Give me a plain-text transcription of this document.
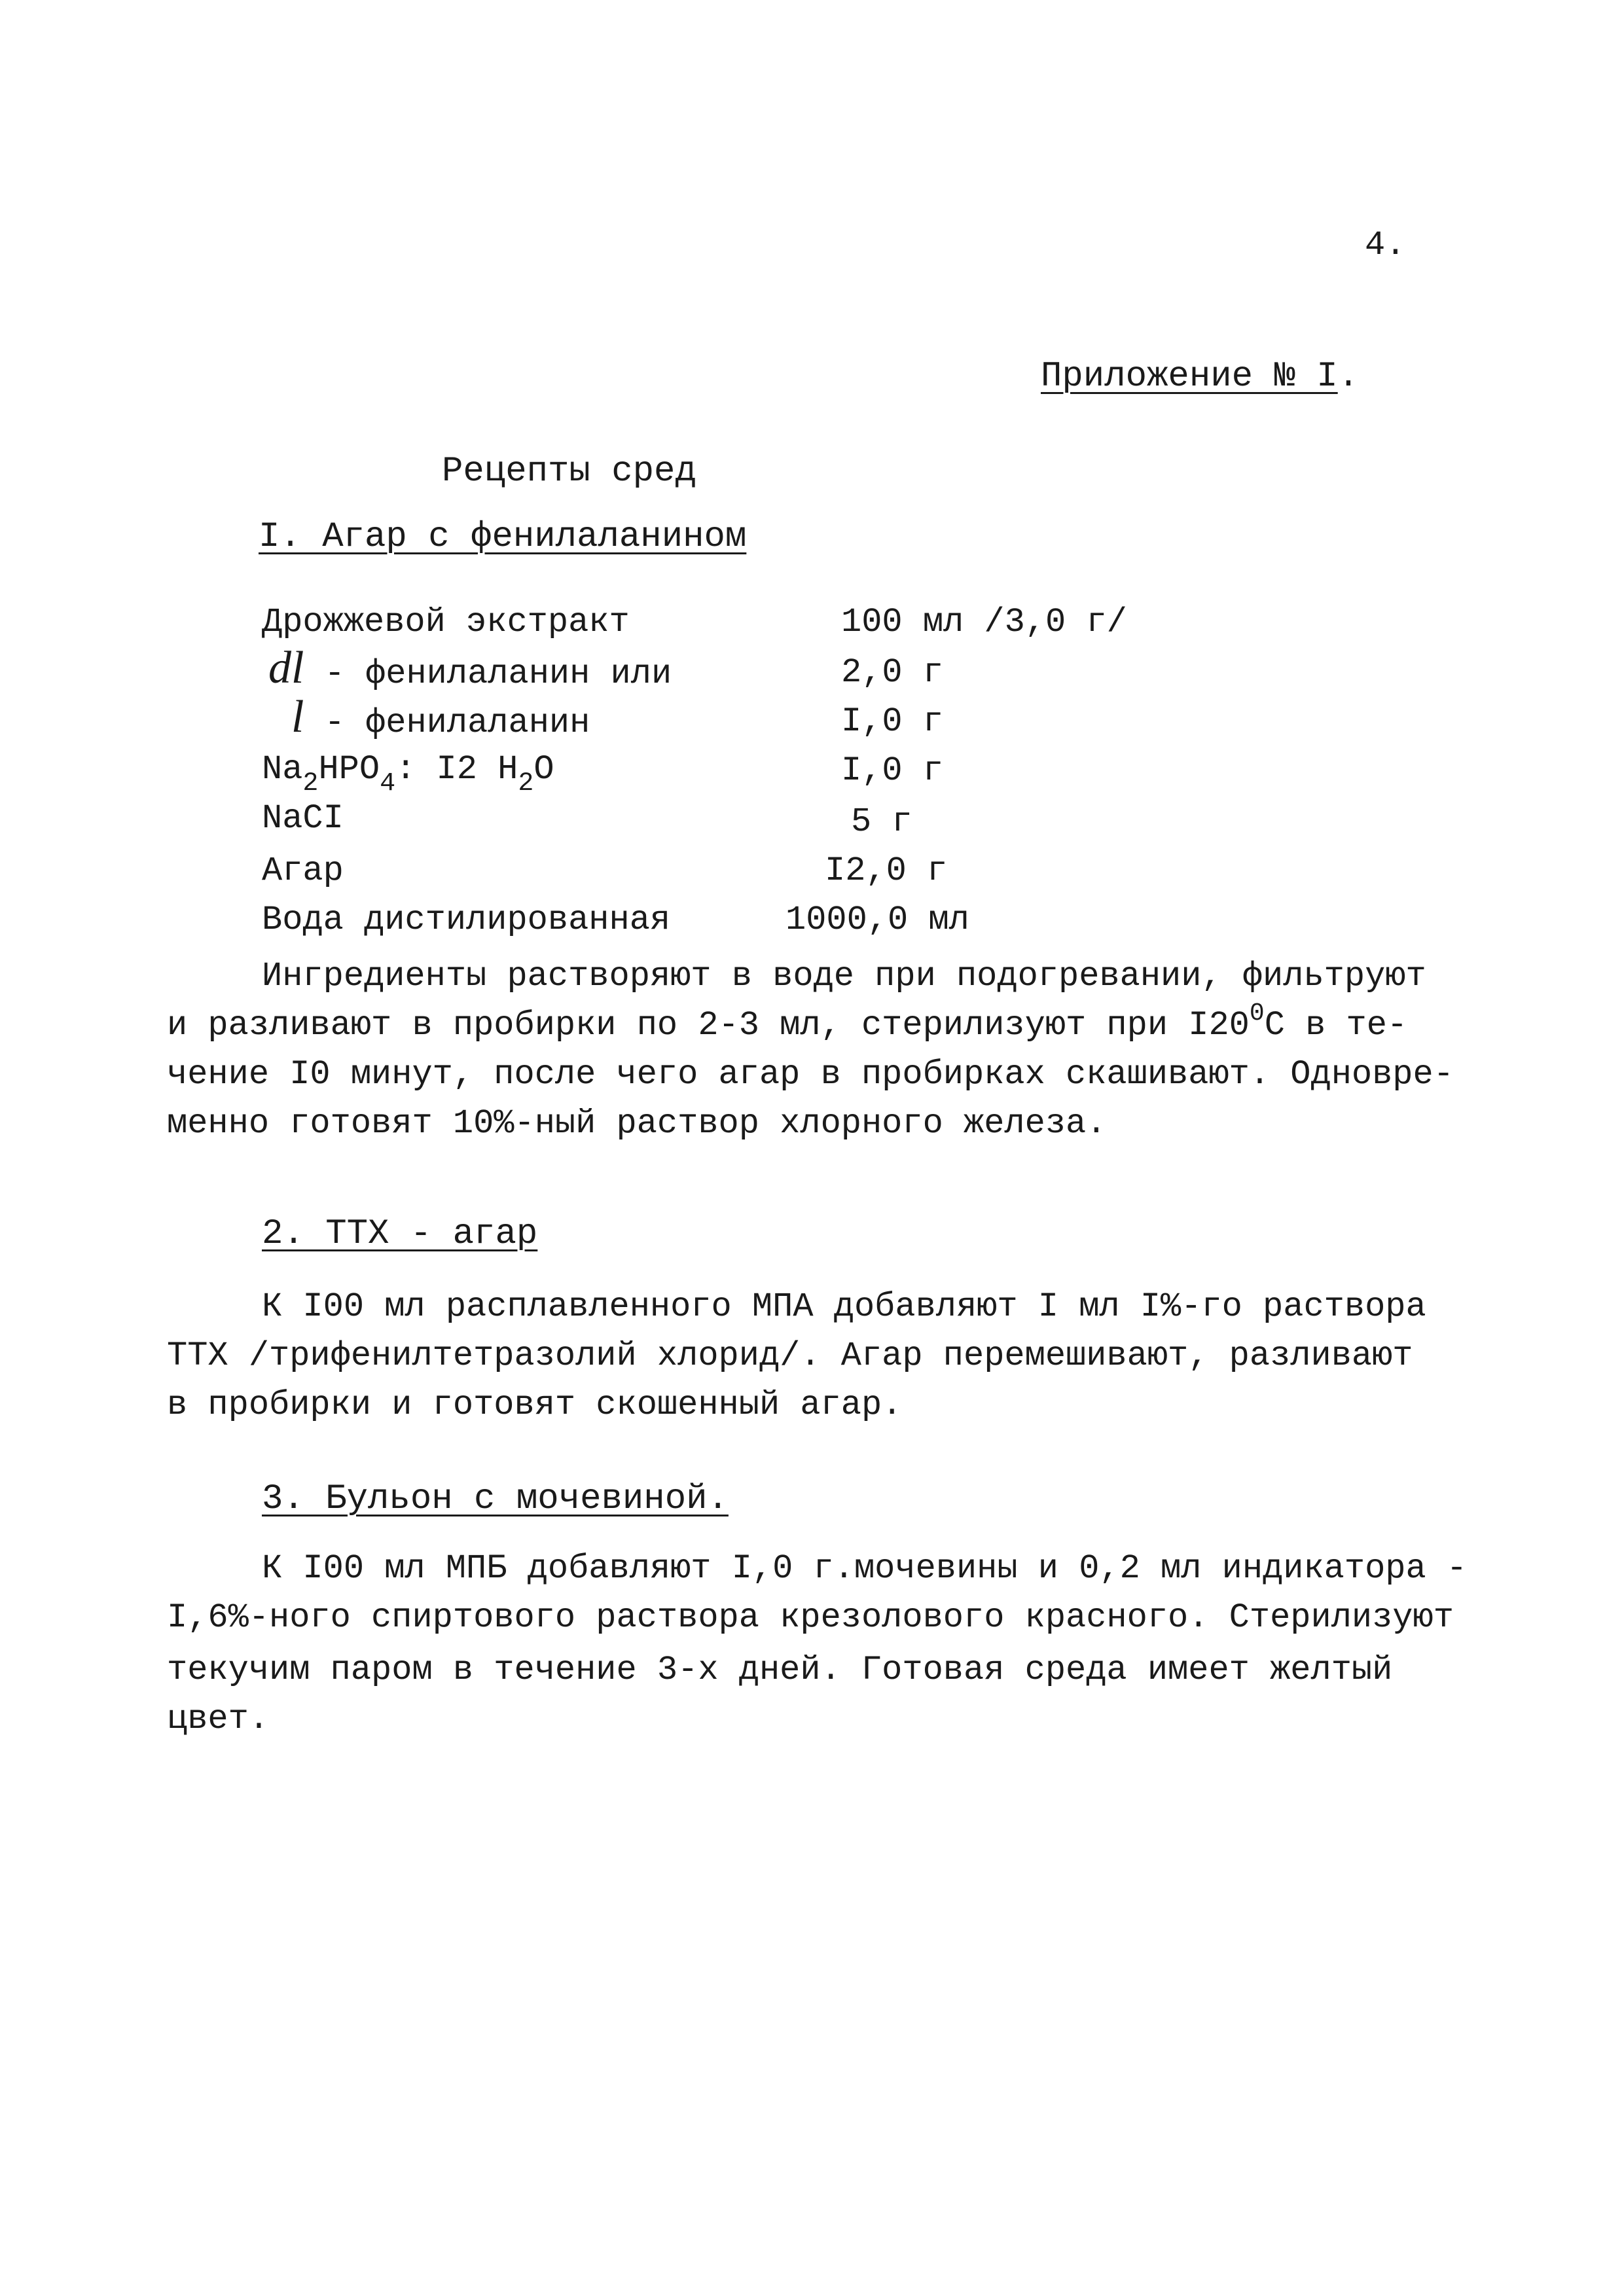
4.
Приложение № I.
Рецепты сред
I. Агар с фенилаланином
Дрожжевой экстракт	100 мл /3,0 г/
dl - фенилаланин или	2,0 г
l - фенилаланин	I,0 г
$Na_2HPO_4$: I2 $H_2O$	I,0 г
NaCI	5 г
Агар	I2,0 г
Вода дистилированная	1000,0 мл
Ингредиенты растворяют в воде при подогревании, фильтруют
и разливают в пробирки по 2-3 мл, стерилизуют при $I20^0С$ в те-
чение I0 минут, после чего агар в пробирках скашивают. Одновре-
менно готовят 10%-ный раствор хлорного железа.
2. ТТХ - агар
К I00 мл расплавленного МПА добавляют I мл I%-го раствора
ТТХ /трифенилтетразолий хлорид/. Агар перемешивают, разливают
в пробирки и готовят скошенный агар.
3. Бульон с мочевиной.
К I00 мл МПБ добавляют I,0 г.мочевины и 0,2 мл индикатора -
I,6%-ного спиртового раствора крезолового красного. Стерилизуют
текучим паром в течение 3-х дней. Готовая среда имеет желтый
цвет.
